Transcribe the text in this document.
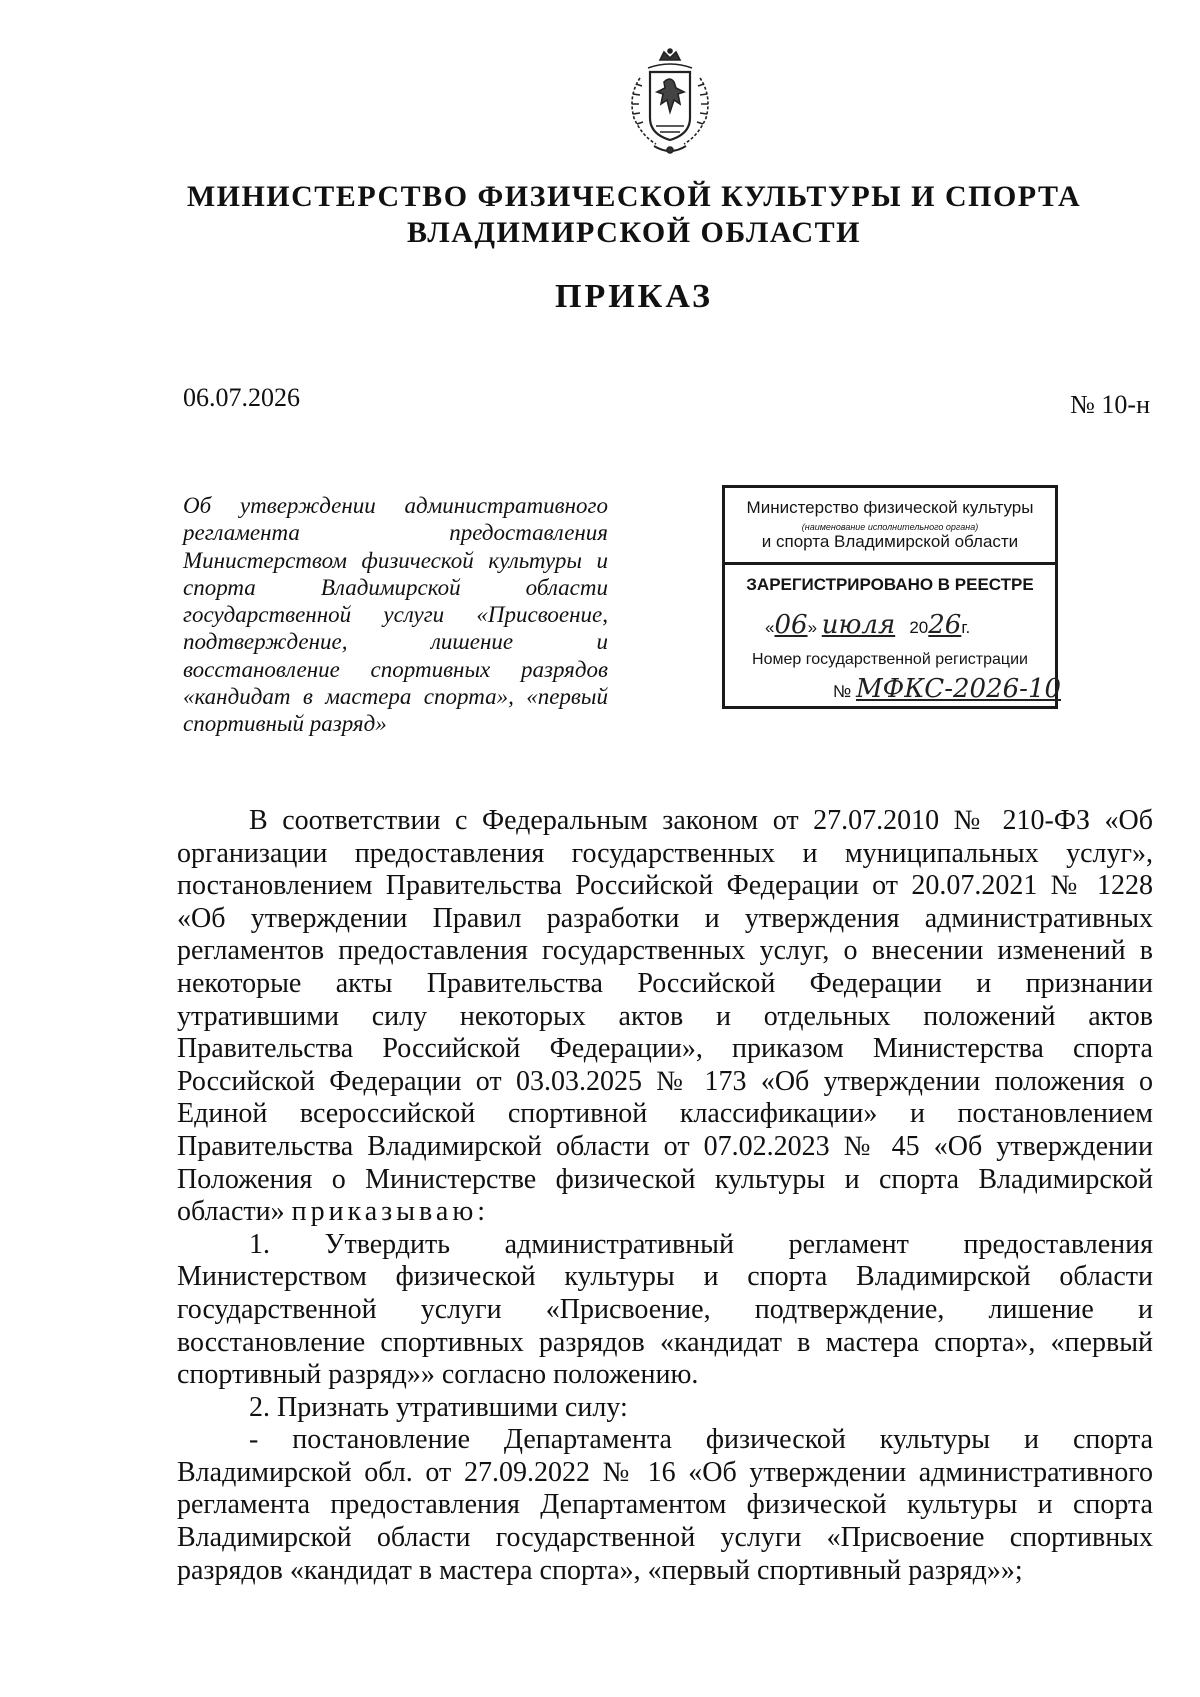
МИНИСТЕРСТВО ФИЗИЧЕСКОЙ КУЛЬТУРЫ И СПОРТА
ВЛАДИМИРСКОЙ ОБЛАСТИ
ПРИКАЗ
06.07.2026	№ 10-н
Об утверждении административного регламента предоставления Министерством физической культуры и спорта Владимирской области государственной услуги «Присвоение, подтверждение, лишение и восстановление спортивных разрядов «кандидат в мастера спорта», «первый спортивный разряд»
Министерство физической культуры
(наименование исполнительного органа)
и спорта Владимирской области
ЗАРЕГИСТРИРОВАНО В РЕЕСТРЕ
«06» июля 2026г.
Номер государственной регистрации
№ МФКС-2026-10

В соответствии с Федеральным законом от 27.07.2010 № 210-ФЗ «Об организации предоставления государственных и муниципальных услуг», постановлением Правительства Российской Федерации от 20.07.2021 № 1228 «Об утверждении Правил разработки и утверждения административных регламентов предоставления государственных услуг, о внесении изменений в некоторые акты Правительства Российской Федерации и признании утратившими силу некоторых актов и отдельных положений актов Правительства Российской Федерации», приказом Министерства спорта Российской Федерации от 03.03.2025 № 173 «Об утверждении положения о Единой всероссийской спортивной классификации» и постановлением Правительства Владимирской области от 07.02.2023 № 45 «Об утверждении Положения о Министерстве физической культуры и спорта Владимирской области» приказываю:

1. Утвердить административный регламент предоставления Министерством физической культуры и спорта Владимирской области государственной услуги «Присвоение, подтверждение, лишение и восстановление спортивных разрядов «кандидат в мастера спорта», «первый спортивный разряд»» согласно положению.

2. Признать утратившими силу:

- постановление Департамента физической культуры и спорта Владимирской обл. от 27.09.2022 № 16 «Об утверждении административного регламента предоставления Департаментом физической культуры и спорта Владимирской области государственной услуги «Присвоение спортивных разрядов «кандидат в мастера спорта», «первый спортивный разряд»»;
